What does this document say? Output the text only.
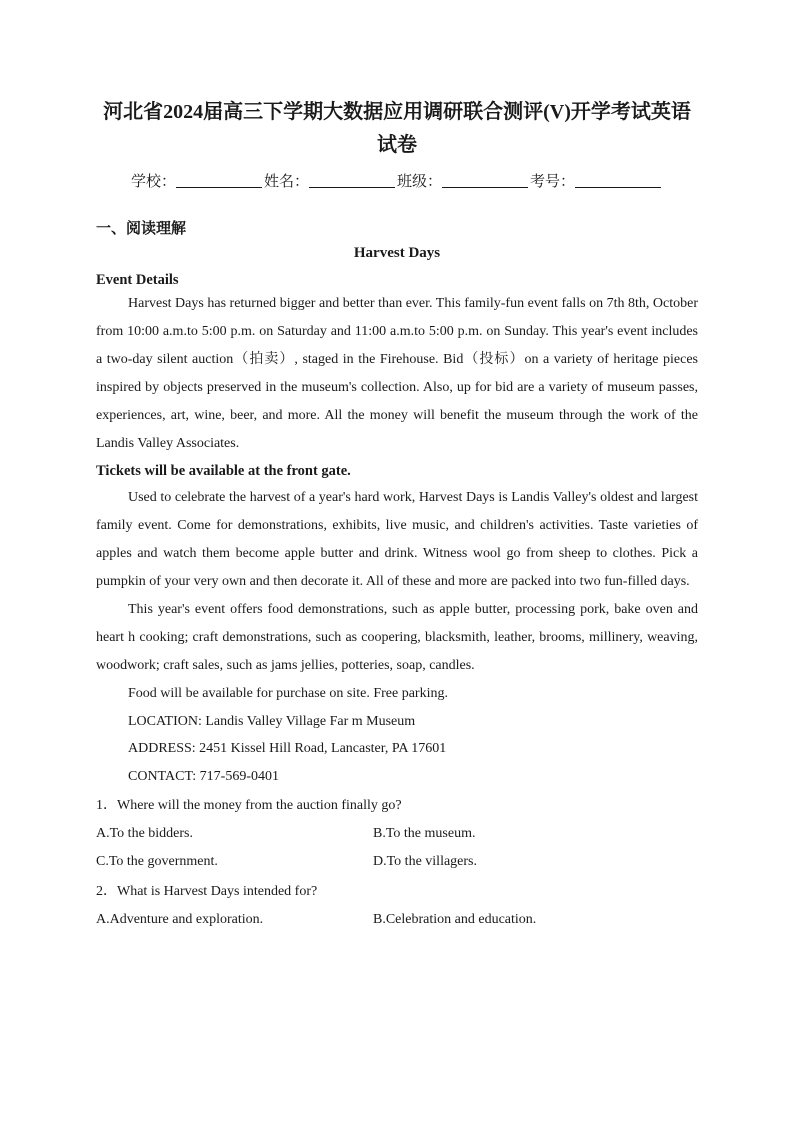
河北省2024届高三下学期大数据应用调研联合测评(V)开学考试英语
试卷
学校：	姓名：	班级：	考号：
一、阅读理解
Harvest Days
Event Details

Harvest Days has returned bigger and better than ever. This family-fun event falls on 7th 8th, October from 10:00 a.m.to 5:00 p.m. on Saturday and 11:00 a.m.to 5:00 p.m. on Sunday. This year's event includes a two-day silent auction（拍卖）, staged in the Firehouse. Bid（投标）on a variety of heritage pieces inspired by objects preserved in the museum's collection. Also, up for bid are a variety of museum passes, experiences, art, wine, beer, and more. All the money will benefit the museum through the work of the Landis Valley Associates.

Tickets will be available at the front gate.

Used to celebrate the harvest of a year's hard work, Harvest Days is Landis Valley's oldest and largest family event. Come for demonstrations, exhibits, live music, and children's activities. Taste varieties of apples and watch them become apple butter and drink. Witness wool go from sheep to clothes. Pick a pumpkin of your very own and then decorate it. All of these and more are packed into two fun-filled days.

This year's event offers food demonstrations, such as apple butter, processing pork, bake oven and heart h cooking; craft demonstrations, such as coopering, blacksmith, leather, brooms, millinery, weaving, woodwork; craft sales, such as jams jellies, potteries, soap, candles.

Food will be available for purchase on site. Free parking.
LOCATION: Landis Valley Village Far m Museum
ADDRESS: 2451 Kissel Hill Road, Lancaster, PA 17601
CONTACT: 717-569-0401
1．Where will the money from the auction finally go?
A.To the bidders.	B.To the museum.
C.To the government.	D.To the villagers.
2．What is Harvest Days intended for?
A.Adventure and exploration.	B.Celebration and education.
